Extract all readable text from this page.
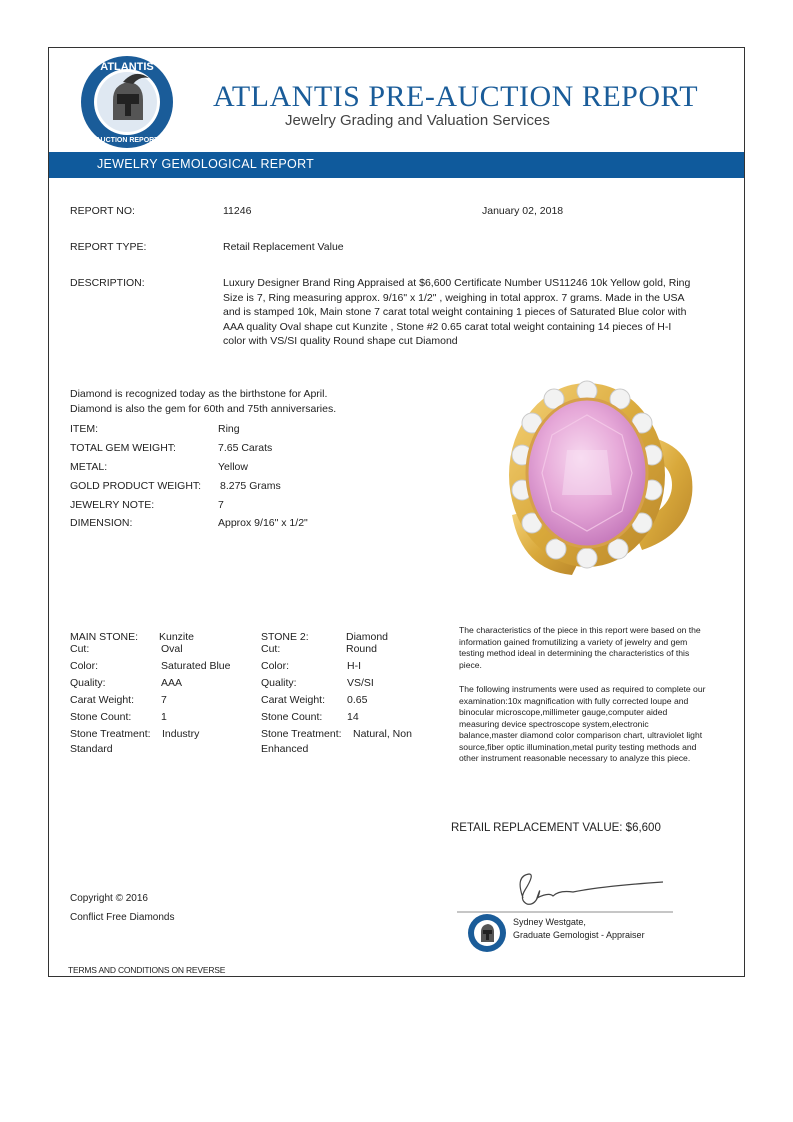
ATLANTIS
AUCTION REPORT
ATLANTIS PRE-AUCTION REPORT
Jewelry Grading and Valuation Services
JEWELRY GEMOLOGICAL REPORT
REPORT NO:	11246	January 02, 2018
REPORT TYPE:	Retail Replacement Value
DESCRIPTION:	Luxury Designer Brand Ring Appraised at $6,600 Certificate Number US11246 10k Yellow gold, Ring Size is 7, Ring measuring approx. 9/16" x 1/2" , weighing in total approx. 7 grams. Made in the USA and is stamped 10k, Main stone 7 carat total weight containing 1 pieces of Saturated Blue color with AAA quality Oval shape cut Kunzite , Stone #2 0.65 carat total weight containing 14 pieces of H-I color with VS/SI quality Round shape cut Diamond
Diamond is recognized today as the birthstone for April.
Diamond is also the gem for 60th and 75th anniversaries.
ITEM:	Ring
TOTAL GEM WEIGHT:	7.65 Carats
METAL:	Yellow
GOLD PRODUCT WEIGHT: 8.275 Grams
JEWELRY NOTE:	7
DIMENSION:	Approx 9/16" x 1/2"
MAIN STONE: Kunzite
Cut:	Oval
Color:	Saturated Blue
Quality:	AAA
Carat Weight:	7
Stone Count:	1
Stone Treatment: Industry
Standard
STONE 2:	Diamond
Cut:	Round
Color:	H-I
Quality:	VS/SI
Carat Weight: 0.65
Stone Count: 14
Stone Treatment: Natural, Non
Enhanced
The characteristics of the piece in this report were based on the information gained fromutilizing a variety of jewelry and gem testing method ideal in determining the characteristics of this piece.
The following instruments were used as required to complete our examination:10x magnification with fully corrected loupe and binocular microscope,millimeter gauge,computer aided measuring device spectroscope system,electronic balance,master diamond color comparison chart, ultraviolet light source,fiber optic illumination,metal purity testing methods and other instrument reasonable necessary to analyze this piece.
RETAIL REPLACEMENT VALUE: $6,600
Copyright © 2016
Conflict Free Diamonds	Sydney Westgate,
Graduate Gemologist - Appraiser
TERMS AND CONDITIONS ON REVERSE
